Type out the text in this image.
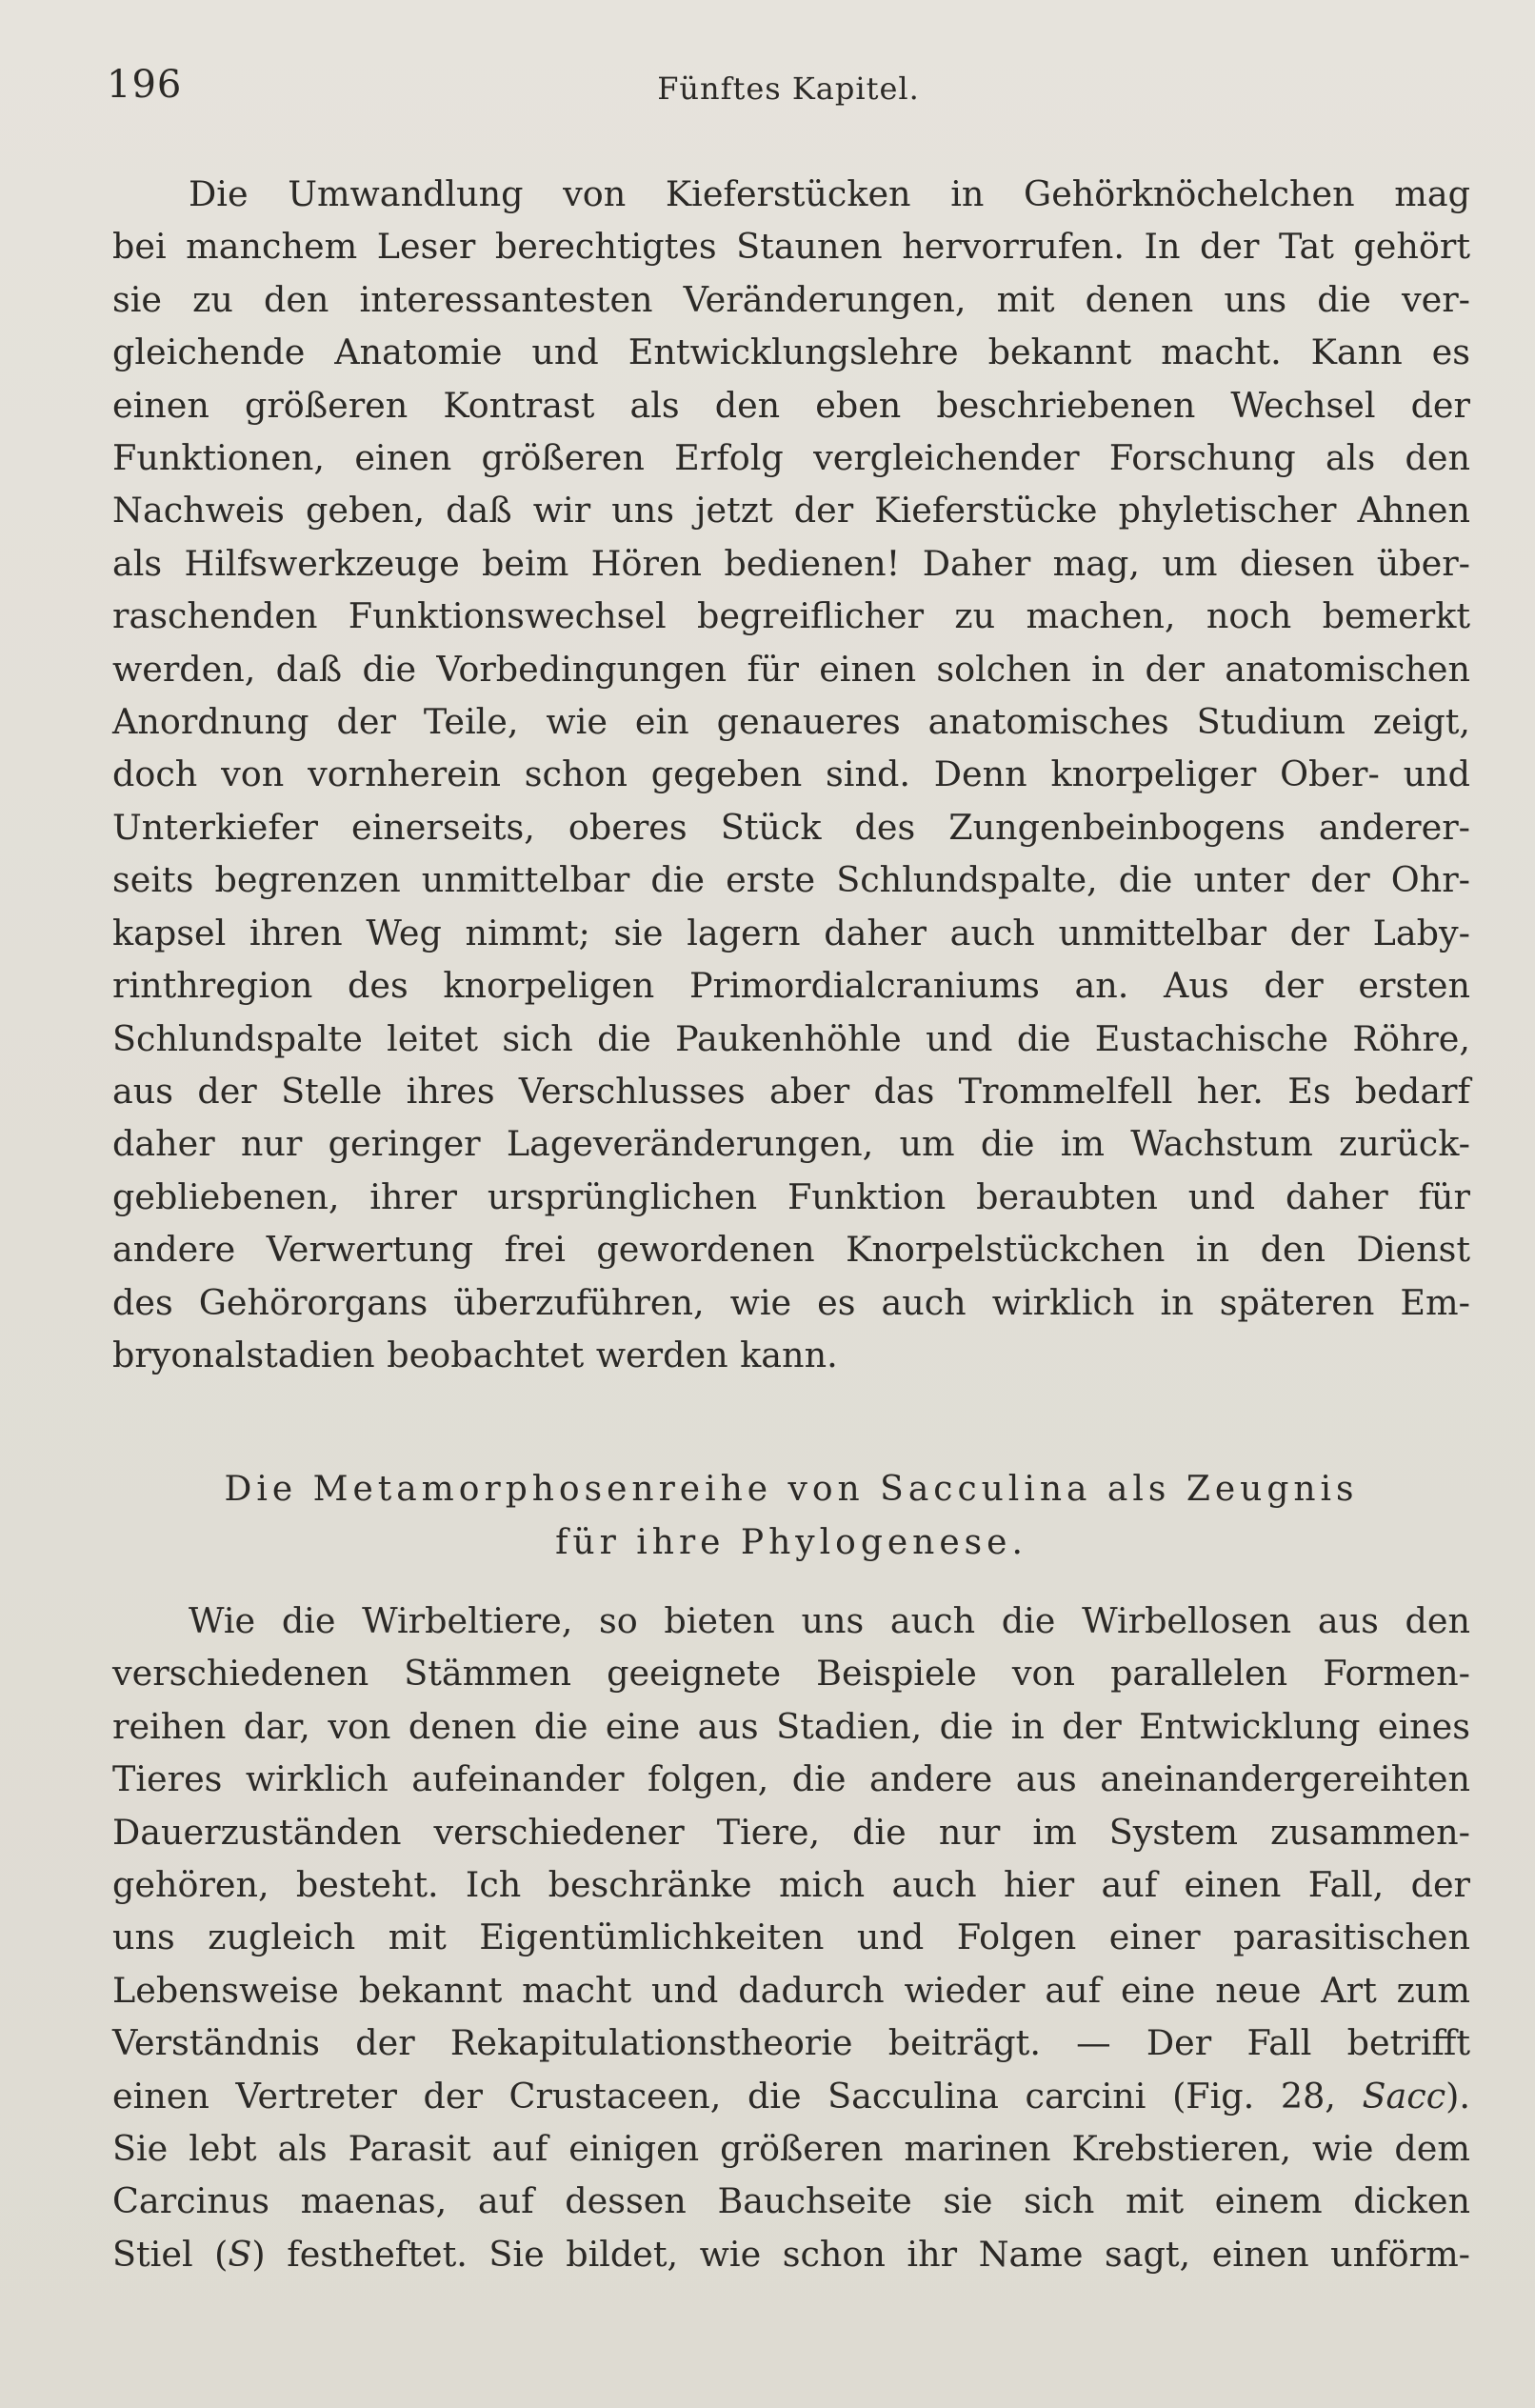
196	Fünftes Kapitel.
Die Umwandlung von Kieferstücken in Gehörknöchelchen mag
bei manchem Leser berechtigtes Staunen hervorrufen. In der Tat gehört
sie zu den interessantesten Veränderungen, mit denen uns die ver-
gleichende Anatomie und Entwicklungslehre bekannt macht. Kann es
einen größeren Kontrast als den eben beschriebenen Wechsel der
Funktionen, einen größeren Erfolg vergleichender Forschung als den
Nachweis geben, daß wir uns jetzt der Kieferstücke phyletischer Ahnen
als Hilfswerkzeuge beim Hören bedienen! Daher mag, um diesen über-
raschenden Funktionswechsel begreiflicher zu machen, noch bemerkt
werden, daß die Vorbedingungen für einen solchen in der anatomischen
Anordnung der Teile, wie ein genaueres anatomisches Studium zeigt,
doch von vornherein schon gegeben sind. Denn knorpeliger Ober- und
Unterkiefer einerseits, oberes Stück des Zungenbeinbogens anderer-
seits begrenzen unmittelbar die erste Schlundspalte, die unter der Ohr-
kapsel ihren Weg nimmt; sie lagern daher auch unmittelbar der Laby-
rinthregion des knorpeligen Primordialcraniums an. Aus der ersten
Schlundspalte leitet sich die Paukenhöhle und die Eustachische Röhre,
aus der Stelle ihres Verschlusses aber das Trommelfell her. Es bedarf
daher nur geringer Lageveränderungen, um die im Wachstum zurück-
gebliebenen, ihrer ursprünglichen Funktion beraubten und daher für
andere Verwertung frei gewordenen Knorpelstückchen in den Dienst
des Gehörorgans überzuführen, wie es auch wirklich in späteren Em-
bryonalstadien beobachtet werden kann.
Die Metamorphosenreihe von Sacculina als Zeugnis
für ihre Phylogenese.
Wie die Wirbeltiere, so bieten uns auch die Wirbellosen aus den
verschiedenen Stämmen geeignete Beispiele von parallelen Formen-
reihen dar, von denen die eine aus Stadien, die in der Entwicklung eines
Tieres wirklich aufeinander folgen, die andere aus aneinandergereihten
Dauerzuständen verschiedener Tiere, die nur im System zusammen-
gehören, besteht. Ich beschränke mich auch hier auf einen Fall, der
uns zugleich mit Eigentümlichkeiten und Folgen einer parasitischen
Lebensweise bekannt macht und dadurch wieder auf eine neue Art zum
Verständnis der Rekapitulationstheorie beiträgt. — Der Fall betrifft
einen Vertreter der Crustaceen, die Sacculina carcini (Fig. 28, Sacc).
Sie lebt als Parasit auf einigen größeren marinen Krebstieren, wie dem
Carcinus maenas, auf dessen Bauchseite sie sich mit einem dicken
Stiel (S) festheftet. Sie bildet, wie schon ihr Name sagt, einen unförm-
